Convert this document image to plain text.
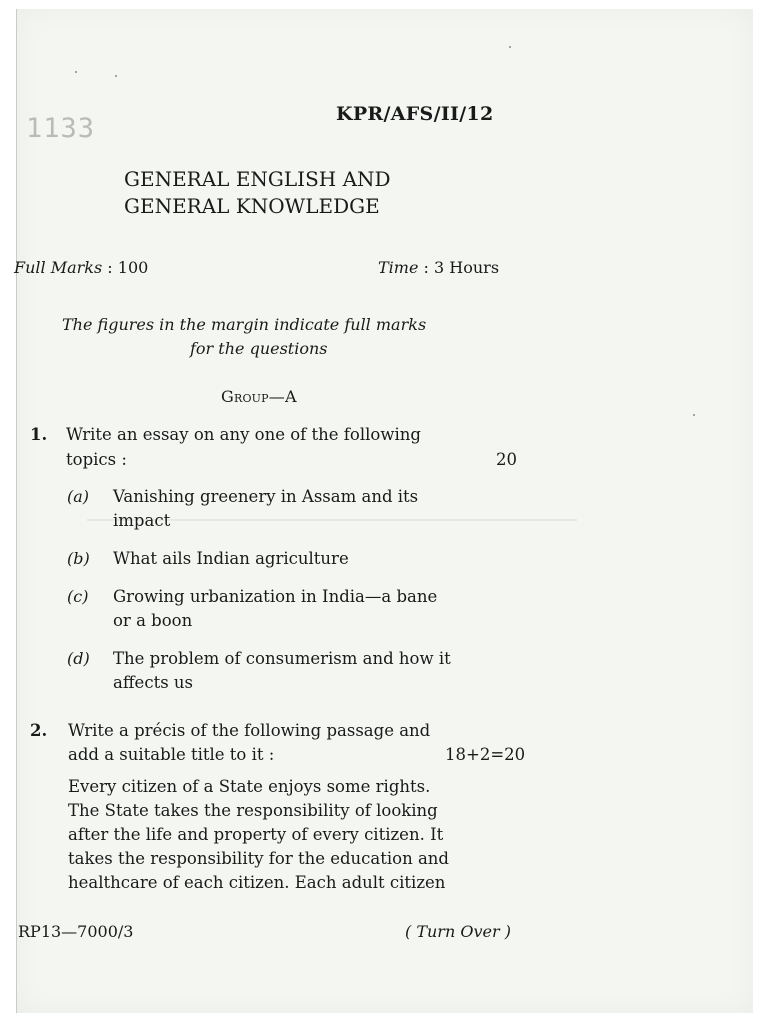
KPR/AFS/II/12
1133
GENERAL ENGLISH AND
GENERAL KNOWLEDGE
Full Marks : 100	Time : 3 Hours
The figures in the margin indicate full marks
for the questions
Group—A
1. Write an essay on any one of the following
topics :	20
(a) Vanishing greenery in Assam and its
impact
(b) What ails Indian agriculture
(c) Growing urbanization in India—a bane
or a boon
(d) The problem of consumerism and how it
affects us
2. Write a précis of the following passage and
add a suitable title to it :	18+2=20
Every citizen of a State enjoys some rights.
The State takes the responsibility of looking
after the life and property of every citizen. It
takes the responsibility for the education and
healthcare of each citizen. Each adult citizen
RP13—7000/3	( Turn Over )
